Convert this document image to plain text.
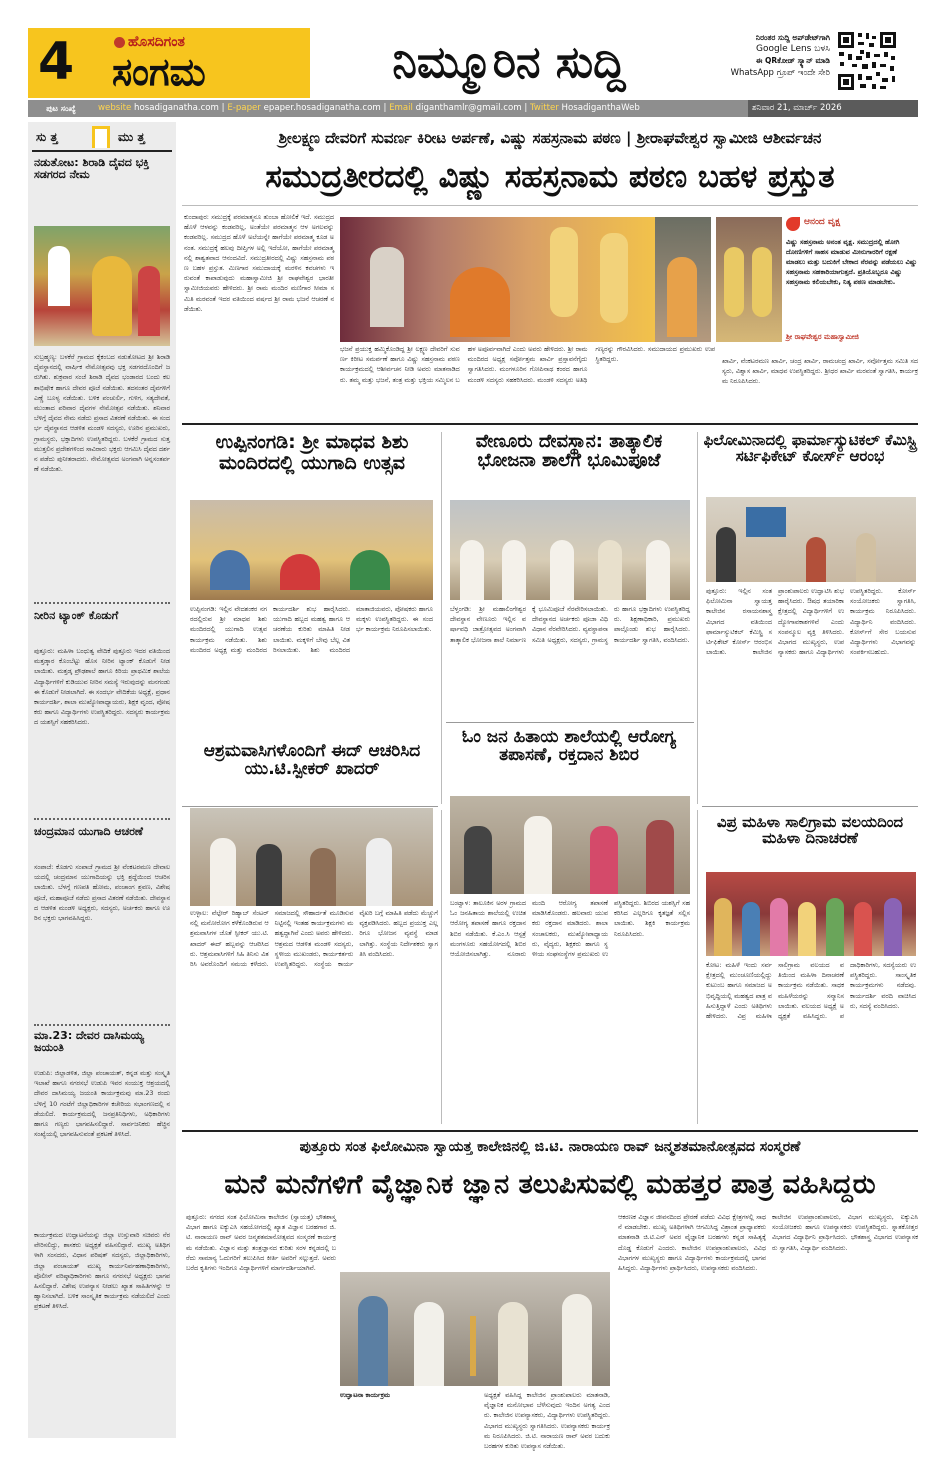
4	ಹೊಸದಿಗಂತ
ಸಂಗಮ	ನಿಮ್ಮೂರಿನ ಸುದ್ದಿ	ನಿರಂತರ ಸುದ್ದಿ ಅಪ್‌ಡೇಟ್‌ಗಾಗಿ
Google Lens ಬಳಸಿ
ಈ QRಕೋಡ್ ಸ್ಕ್ಯಾನ್ ಮಾಡಿ
WhatsApp ಗ್ರೂಪ್ ಇಂದೇ ಸೇರಿ
ಪುಟ ಸಂಖ್ಯೆ	website hosadiganatha.com | E-paper epaper.hosadiganatha.com | Email diganthamlr@gmail.com | Twitter HosadiganthaWeb	ಶನಿವಾರ 21, ಮಾರ್ಚ್ 2026
ಸು ತ್ತ	ಮು ತ್ತ
ನಡುತೋಟ: ಶಿರಾಡಿ ದೈವದ ಭಕ್ತಿ ಸಡಗರದ ನೇಮ
ಸುಬ್ರಹ್ಮಣ್ಯ: ಬಳಕೆರೆ ಗ್ರಾಮದ ಕೈಕಂಬದ ನಡುತೋಟದ ಶ್ರೀ ಶಿರಾಡಿ ದೈವಸ್ಥಾನದಲ್ಲಿ ವಾರ್ಷಿಕ ನೇಮೋತ್ಸವವು ಭಕ್ತ ಸಡಗರದೊಂದಿಗೆ ಜರುಗಿತು. ಶುಕ್ರವಾರ ಸಂಜೆ ಶಿರಾಡಿ ದೈವದ ಭಂಡಾರದ ಬಂದು ಕಲಶಾಭಿಷೇಕ ಹಾಗೂ ದೇವರ ಪೂಜೆ ನಡೆಯಿತು. ತದನಂತರ ದೈವಗಳಿಗೆ ಎಣ್ಣೆ ಬೂಳ್ಯ ನಡೆಯಿತು. ಬಳಿಕ ಪಂಚುರ್ಲಿ, ಗುಳಿಗ, ಸತ್ಯದೇವತೆ, ಮುಂತಾದ ಪರಿವಾರ ದೈವಗಳ ನೇಮೋತ್ಸವ ನಡೆಯಿತು. ಶನಿವಾರ ಬೆಳಿಗ್ಗೆ ದೈವದ ನೇಮ ನಡೆದು ಪ್ರಸಾದ ವಿತರಣೆ ನಡೆಯಿತು. ಈ ಸಂದರ್ಭ ದೈವಸ್ಥಾನದ ಆಡಳಿತ ಮಂಡಳಿ ಸದಸ್ಯರು, ಊರಿನ ಪ್ರಮುಖರು, ಗ್ರಾಮಸ್ಥರು, ಭಕ್ತಾದಿಗಳು ಉಪಸ್ಥಿತರಿದ್ದರು. ಬಳಕೆರೆ ಗ್ರಾಮದ ಸುತ್ತಮುತ್ತಲಿನ ಪ್ರದೇಶಗಳಿಂದ ಸಾವಿರಾರು ಭಕ್ತರು ಆಗಮಿಸಿ ದೈವದ ದರ್ಶನ ಪಡೆದು ಪುನೀತರಾದರು. ನೇಮೋತ್ಸವದ ಅಂಗವಾಗಿ ಅನ್ನಸಂತರ್ಪಣೆ ನಡೆಯಿತು.
ನೀರಿನ ಟ್ಯಾಂಕ್ ಕೊಡುಗೆ
ಪುತ್ತೂರು: ಮಹಿಳಾ ಬಂಧುತ್ವ ವೇದಿಕೆ ಪುತ್ತೂರು ಇದರ ವತಿಯಿಂದ ಮತ್ತಡ್ಕಾರ ಕೊಂಬೆಟ್ಟು ಹೊಸ ನೀರಿನ ಟ್ಯಾಂಕ್ ಕೊಡುಗೆ ನೀಡಲಾಯಿತು. ಮತ್ತಡ್ಕ ಪ್ರೌಢಶಾಲೆ ಹಾಗೂ ಕಿರಿಯ ಪ್ರಾಥಮಿಕ ಶಾಲೆಯ ವಿದ್ಯಾರ್ಥಿಗಳಿಗೆ ಕುಡಿಯುವ ನೀರಿನ ಸಮಸ್ಯೆ ಇರುವುದನ್ನು ಮನಗಂಡು ಈ ಕೊಡುಗೆ ನೀಡಲಾಗಿದೆ. ಈ ಸಂದರ್ಭ ವೇದಿಕೆಯ ಅಧ್ಯಕ್ಷೆ, ಪ್ರಧಾನ ಕಾರ್ಯದರ್ಶಿ, ಶಾಲಾ ಮುಖ್ಯೋಪಾಧ್ಯಾಯರು, ಶಿಕ್ಷಕ ವೃಂದ, ಪೋಷಕರು ಹಾಗೂ ವಿದ್ಯಾರ್ಥಿಗಳು ಉಪಸ್ಥಿತರಿದ್ದರು. ಸದಸ್ಯರು ಕಾರ್ಯಕ್ರಮದ ಯಶಸ್ಸಿಗೆ ಸಹಕರಿಸಿದರು.
ಚಂದ್ರಮಾನ ಯುಗಾದಿ ಆಚರಣೆ
ಸಂಪಾಜೆ: ಕೊಡಗು ಸಂಪಾಜೆ ಗ್ರಾಮದ ಶ್ರೀ ವೆಂಕಟರಮಣ ದೇವಾಲಯದಲ್ಲಿ ಚಂದ್ರಮಾನ ಯುಗಾದಿಯನ್ನು ಭಕ್ತಿ ಶ್ರದ್ಧೆಯಿಂದ ಆಚರಿಸಲಾಯಿತು. ಬೆಳಗ್ಗೆ ಗಣಪತಿ ಹೋಮ, ಪಂಚಾಂಗ ಶ್ರವಣ, ವಿಶೇಷ ಪೂಜೆ, ಮಹಾಪೂಜೆ ನಡೆದು ಪ್ರಸಾದ ವಿತರಣೆ ನಡೆಯಿತು. ದೇವಸ್ಥಾನದ ಆಡಳಿತ ಮಂಡಳಿ ಅಧ್ಯಕ್ಷರು, ಸದಸ್ಯರು, ಅರ್ಚಕರು ಹಾಗೂ ಊರಿನ ಭಕ್ತರು ಭಾಗವಹಿಸಿದ್ದರು.
ಮಾ.23: ದೇವರ ದಾಸಿಮಯ್ಯ ಜಯಂತಿ
ಉಡುಪಿ: ಜಿಲ್ಲಾಡಳಿತ, ಜಿಲ್ಲಾ ಪಂಚಾಯತ್, ಕನ್ನಡ ಮತ್ತು ಸಂಸ್ಕೃತಿ ಇಲಾಖೆ ಹಾಗೂ ನಗರಸಭೆ ಉಡುಪಿ ಇವರ ಸಂಯುಕ್ತ ಆಶ್ರಯದಲ್ಲಿ ದೇವರ ದಾಸಿಮಯ್ಯ ಜಯಂತಿ ಕಾರ್ಯಕ್ರಮವು ಮಾ.23 ರಂದು ಬೆಳಿಗ್ಗೆ 10 ಗಂಟೆಗೆ ಜಿಲ್ಲಾಧಿಕಾರಿಗಳ ಕಚೇರಿಯ ಸಭಾಂಗಣದಲ್ಲಿ ನಡೆಯಲಿದೆ. ಕಾರ್ಯಕ್ರಮದಲ್ಲಿ ಜನಪ್ರತಿನಿಧಿಗಳು, ಅಧಿಕಾರಿಗಳು ಹಾಗೂ ಗಣ್ಯರು ಭಾಗವಹಿಸಲಿದ್ದಾರೆ. ಸಾರ್ವಜನಿಕರು ಹೆಚ್ಚಿನ ಸಂಖ್ಯೆಯಲ್ಲಿ ಭಾಗವಹಿಸುವಂತೆ ಪ್ರಕಟಣೆ ತಿಳಿಸಿದೆ.
ಕಾರ್ಯಕ್ರಮದ ಉದ್ಘಾಟನೆಯನ್ನು ಜಿಲ್ಲಾ ಉಸ್ತುವಾರಿ ಸಚಿವರು ನೆರವೇರಿಸಲಿದ್ದು, ಶಾಸಕರು ಅಧ್ಯಕ್ಷತೆ ವಹಿಸಲಿದ್ದಾರೆ. ಮುಖ್ಯ ಅತಿಥಿಗಳಾಗಿ ಸಂಸದರು, ವಿಧಾನ ಪರಿಷತ್ ಸದಸ್ಯರು, ಜಿಲ್ಲಾಧಿಕಾರಿಗಳು, ಜಿಲ್ಲಾ ಪಂಚಾಯತ್ ಮುಖ್ಯ ಕಾರ್ಯನಿರ್ವಹಣಾಧಿಕಾರಿಗಳು, ಪೊಲೀಸ್ ವರಿಷ್ಠಾಧಿಕಾರಿಗಳು ಹಾಗೂ ನಗರಸಭೆ ಅಧ್ಯಕ್ಷರು ಭಾಗವಹಿಸಲಿದ್ದಾರೆ. ವಿಶೇಷ ಉಪನ್ಯಾಸ ನೀಡಲು ಖ್ಯಾತ ಸಾಹಿತಿಗಳನ್ನು ಆಹ್ವಾನಿಸಲಾಗಿದೆ. ಬಳಿಕ ಸಾಂಸ್ಕೃತಿಕ ಕಾರ್ಯಕ್ರಮ ನಡೆಯಲಿದೆ ಎಂದು ಪ್ರಕಟಣೆ ತಿಳಿಸಿದೆ.
ಶ್ರೀಲಕ್ಷ್ಮಣ ದೇವರಿಗೆ ಸುವರ್ಣ ಕಿರೀಟ ಅರ್ಪಣೆ, ವಿಷ್ಣು ಸಹಸ್ರನಾಮ ಪಠಣ | ಶ್ರೀರಾಘವೇಶ್ವರ ಸ್ವಾಮೀಜಿ ಆಶೀರ್ವಚನ
ಸಮುದ್ರತೀರದಲ್ಲಿ ವಿಷ್ಣು ಸಹಸ್ರನಾಮ ಪಠಣ ಬಹಳ ಪ್ರಸ್ತುತ
ಕುಂದಾಪುರ: ಸಮುದ್ರಕ್ಕೆ ಪರಮಾತ್ಮನೂ ತುಂಬಾ ಹೋಲಿಕೆ ಇದೆ. ಸಮುದ್ರದ ಹೊಳೆ ಆಳವನ್ನು ಕಂಡವರಿಲ್ಲ, ಅಂತೆಯೇ ಪರಮಾತ್ಮನ ಆಳ ಅಗಲವನ್ನು ಕಂಡವರಿಲ್ಲ. ಸಮುದ್ರದ ಹೊಳೆ ಅಲೆಯನ್ನೇ ಹಾಗೆಯೇ ಪರಮಾತ್ಮ ಕೂಡ ಅನಂತ. ಸಮುದ್ರಕ್ಕೆ ಹಲವು ದೀಪ್ತಿಗಳ ಅಲ್ಲಿ ಇದೆಯೋ, ಹಾಗೆಯೇ ಪರಮಾತ್ಮನಲ್ಲಿ ಶಾಶ್ವತವಾದ ಆನಂದವಿದೆ. ಸಮುದ್ರತೀರದಲ್ಲಿ ವಿಷ್ಣು ಸಹಸ್ರನಾಮ ಪಠಣ ಬಹಳ ಪ್ರಸ್ತುತ. ಮಿಣಗಾರ ಸಮುದಾಯಕ್ಕೆ ಮರಳಿನ ಕವಚಗಳು ಇರುವಂತೆ ಕಾಪಾಡುವುದು ಮಹಾಸ್ವಾಮೀಜಿ ಶ್ರೀ ರಾಘವೇಶ್ವರ ಭಾರತೀ ಸ್ವಾಮೀಜಿಯವರು ಹೇಳಿದರು. ಶ್ರೀ ರಾಮ ಮಂದಿರ ಮಣಿಗಾರ ಸೀಮಾ ಸಮಿತಿ ಮರವಂತೆ ಇದರ ವತಿಯಿಂದ ವರ್ಷದ ಶ್ರೀ ರಾಮ ಭಜನೆ ಆಚರಣೆ ನಡೆಯಿತು.
ಭಜನೆ ಪ್ರಯುಕ್ತ ಹಮ್ಮಿಕೊಂಡಿದ್ದ ಶ್ರೀ ಲಕ್ಷ್ಮಣ ದೇವರಿಗೆ ಸುವರ್ಣ ಕಿರೀಟ ಸಮರ್ಪಣೆ ಹಾಗೂ ವಿಷ್ಣು ಸಹಸ್ರನಾಮ ಪಠಣ ಕಾರ್ಯಕ್ರಮದಲ್ಲಿ ಆಶೀರ್ವಚನ ನೀಡಿ ಅವರು ಮಾತನಾಡಿದರು. ತಮ್ಮ ಮತ್ತು ಭಜನೆ, ತಂತ್ರ ಮತ್ತು ಭಕ್ತಿಯ ಸಮ್ಮಿಲನ ಬಹಳ ಅಪೂರ್ವವಾಗಿದೆ ಎಂದು ಅವರು ಹೇಳಿದರು. ಶ್ರೀ ರಾಮ ಮಂದಿರದ ಅಧ್ಯಕ್ಷ ಸರ್ವೋತ್ತಮ ಖಾರ್ವಿ ಪ್ರಸ್ತಾವನೆಗೈದು ಸ್ವಾಗತಿಸಿದರು. ಮಂಗಳೂರಿನ ಗೋಪಿನಾಥ ಕಂಠದ ಹಾಗೂ ಮಂಡಳಿ ಸದಸ್ಯರು ಸಹಕರಿಸಿದರು. ಮಂಡಳಿ ಸದಸ್ಯರು ಅತಿಥಿ ಗಣ್ಯರನ್ನು ಗೌರವಿಸಿದರು. ಸಮುದಾಯದ ಪ್ರಮುಖರು ಉಪಸ್ಥಿತರಿದ್ದರು.
ಆನಂದ ವೃಕ್ಷ
ವಿಷ್ಣು ಸಹಸ್ರನಾಮ ಅನಂತ ವೃಕ್ಷ. ಸಮುದ್ರದಲ್ಲಿ ಹೋಗಿ ದೋಣಿಗಳಿಗೆ ಸಾಹಸ ಮಾಡುವ ಮೀನುಗಾರರಿಗೆ ರಕ್ಷಣೆ ಮಾಡಲು ಮತ್ತು ಬದುಕಿಗೆ ಬೇಕಾದ ನೆರವನ್ನು ಪಡೆಯಲು ವಿಷ್ಣು ಸಹಸ್ರನಾಮ ಸಹಕಾರಿಯಾಗುತ್ತದೆ. ಪ್ರತಿಯೊಬ್ಬರೂ ವಿಷ್ಣು ಸಹಸ್ರನಾಮ ಕಲಿಯಬೇಕು, ನಿತ್ಯ ಪಠಣ ಮಾಡಬೇಕು.
ಶ್ರೀ ರಾಘವೇಶ್ವರ ಮಹಾಸ್ವಾಮೀಜಿ
ಖಾರ್ವಿ, ವೆಂಕಟರಮಣ ಖಾರ್ವಿ, ಚಂದ್ರ ಖಾರ್ವಿ, ರಾಮಚಂದ್ರ ಖಾರ್ವಿ, ಸರ್ವೋತ್ತಮ ಸಮಿತಿ ಸದಸ್ಯರು, ವಿಶ್ವಾಸ ಖಾರ್ವಿ, ಮಾಧವ ಉಪಸ್ಥಿತರಿದ್ದರು. ಶ್ರೀಧರ ಖಾರ್ವಿ ಮರವಂತೆ ಸ್ವಾಗತಿಸಿ, ಕಾರ್ಯಕ್ರಮ ನಿರೂಪಿಸಿದರು.
ಉಪ್ಪಿನಂಗಡಿ: ಶ್ರೀ ಮಾಧವ ಶಿಶು ಮಂದಿರದಲ್ಲಿ ಯುಗಾದಿ ಉತ್ಸವ
ಉಪ್ಪಿನಂಗಡಿ: ಇಲ್ಲಿನ ವೇದಶಂಕರ ನಗರದಲ್ಲಿರುವ ಶ್ರೀ ಮಾಧವ ಶಿಶು ಮಂದಿರದಲ್ಲಿ ಯುಗಾದಿ ಉತ್ಸವ ಕಾರ್ಯಕ್ರಮ ನಡೆಯಿತು. ಶಿಶು ಮಂದಿರದ ಅಧ್ಯಕ್ಷ ಮತ್ತು ಮಂದಿರದ ಕಾರ್ಯದರ್ಶಿ ಶುಭ ಹಾರೈಸಿದರು. ಯುಗಾದಿ ಹಬ್ಬದ ಮಹತ್ವ ಹಾಗೂ ಆಚರಣೆಯ ಕುರಿತು ಮಾಹಿತಿ ನೀಡಲಾಯಿತು. ಮಕ್ಕಳಿಗೆ ಬೇವು ಬೆಲ್ಲ ವಿತರಿಸಲಾಯಿತು. ಶಿಶು ಮಂದಿರದ ಮಾತಾಜಿಯವರು, ಪೋಷಕರು ಹಾಗೂ ಮಕ್ಕಳು ಉಪಸ್ಥಿತರಿದ್ದರು. ಈ ಸಂದರ್ಭ ಕಾರ್ಯಕ್ರಮ ನಿರೂಪಿಸಲಾಯಿತು.
ವೇಣೂರು ದೇವಸ್ಥಾನ: ತಾತ್ಕಾಲಿಕ ಭೋಜನಾ ಶಾಲೆಗೆ ಭೂಮಿಪೂಜೆ
ಬೆಳ್ತಂಗಡಿ: ಶ್ರೀ ಮಹಾಲಿಂಗೇಶ್ವರ ದೇವಸ್ಥಾನ ವೇಣೂರು ಇಲ್ಲಿನ ವರ್ಷಾವಧಿ ಜಾತ್ರೋತ್ಸವದ ಅಂಗವಾಗಿ ತಾತ್ಕಾಲಿಕ ಭೋಜನಾ ಶಾಲೆ ನಿರ್ಮಾಣಕ್ಕೆ ಭೂಮಿಪೂಜೆ ನೆರವೇರಿಸಲಾಯಿತು. ದೇವಸ್ಥಾನದ ಅರ್ಚಕರು ಪೂಜಾ ವಿಧಿ ವಿಧಾನ ನೆರವೇರಿಸಿದರು. ವ್ಯವಸ್ಥಾಪನಾ ಸಮಿತಿ ಅಧ್ಯಕ್ಷರು, ಸದಸ್ಯರು, ಗ್ರಾಮಸ್ಥರು ಹಾಗೂ ಭಕ್ತಾದಿಗಳು ಉಪಸ್ಥಿತರಿದ್ದರು. ಶಿಕ್ಷಣಾಧಿಕಾರಿ, ಪ್ರಮುಖರು ಪಾಲ್ಗೊಂಡು ಶುಭ ಹಾರೈಸಿದರು. ಕಾರ್ಯದರ್ಶಿ ಸ್ವಾಗತಿಸಿ, ವಂದಿಸಿದರು.
ಫಿಲೋಮಿನಾದಲ್ಲಿ ಫಾರ್ಮಾಸ್ಯುಟಿಕಲ್ ಕೆಮಿಸ್ಟ್ರಿ ಸರ್ಟಿಫಿಕೇಟ್ ಕೋರ್ಸ್ ಆರಂಭ
ಪುತ್ತೂರು: ಇಲ್ಲಿನ ಸಂತ ಫಿಲೋಮಿನಾ ಸ್ವಾಯತ್ತ ಕಾಲೇಜಿನ ರಸಾಯನಶಾಸ್ತ್ರ ವಿಭಾಗದ ವತಿಯಿಂದ ಫಾರ್ಮಾಸ್ಯುಟಿಕಲ್ ಕೆಮಿಸ್ಟ್ರಿ ಸರ್ಟಿಫಿಕೇಟ್ ಕೋರ್ಸ್ ಆರಂಭಿಸಲಾಯಿತು. ಕಾಲೇಜಿನ ಪ್ರಾಂಶುಪಾಲರು ಉದ್ಘಾಟಿಸಿ ಶುಭ ಹಾರೈಸಿದರು. ಔಷಧ ತಯಾರಿಕಾ ಕ್ಷೇತ್ರದಲ್ಲಿ ವಿದ್ಯಾರ್ಥಿಗಳಿಗೆ ಉದ್ಯೋಗಾವಕಾಶಗಳಿವೆ ಎಂದು ಸಂಪನ್ಮೂಲ ವ್ಯಕ್ತಿ ತಿಳಿಸಿದರು. ವಿಭಾಗದ ಮುಖ್ಯಸ್ಥರು, ಉಪನ್ಯಾಸಕರು ಹಾಗೂ ವಿದ್ಯಾರ್ಥಿಗಳು ಉಪಸ್ಥಿತರಿದ್ದರು. ಕೋರ್ಸ್ ಸಂಯೋಜಕರು ಸ್ವಾಗತಿಸಿ, ಕಾರ್ಯಕ್ರಮ ನಿರೂಪಿಸಿದರು. ವಿದ್ಯಾರ್ಥಿನಿ ವಂದಿಸಿದರು. ಕೋರ್ಸ್‌ಗೆ ಸೇರ ಬಯಸುವ ವಿದ್ಯಾರ್ಥಿಗಳು ವಿಭಾಗವನ್ನು ಸಂಪರ್ಕಿಸಬಹುದು.
ಆಶ್ರಮವಾಸಿಗಳೊಂದಿಗೆ ಈದ್ ಆಚರಿಸಿದ ಯು.ಟಿ.ಸ್ಪೀಕರ್ ಖಾದರ್
ಉಳ್ಳಾಲ: ವೆಲ್ಫೇರ್ ರಿಹ್ಯಾಬ್ ಸೆಂಟರ್ ನಲ್ಲಿ ಮನೋರೋಗ ಕಳೆಕೊಂಡಿರುವ ಆಶ್ರಮವಾಸಿಗಳ ಜೊತೆ ಸ್ಪೀಕರ್ ಯು.ಟಿ. ಖಾದರ್ ಈದ್ ಹಬ್ಬವನ್ನು ಆಚರಿಸಿದರು. ಆಶ್ರಮವಾಸಿಗಳಿಗೆ ಸಿಹಿ ತಿನಿಸು ವಿತರಿಸಿ ಅವರೊಂದಿಗೆ ಸಮಯ ಕಳೆದರು. ಸಮಾಜದಲ್ಲಿ ಸೌಹಾರ್ದತೆ ಮೂಡಿಸುವ ನಿಟ್ಟಿನಲ್ಲಿ ಇಂತಹ ಕಾರ್ಯಕ್ರಮಗಳು ಮಹತ್ವದ್ದಾಗಿವೆ ಎಂದು ಅವರು ಹೇಳಿದರು. ಆಶ್ರಮದ ಆಡಳಿತ ಮಂಡಳಿ ಸದಸ್ಯರು, ಸ್ಥಳೀಯ ಮುಖಂಡರು, ಕಾರ್ಯಕರ್ತರು ಉಪಸ್ಥಿತರಿದ್ದರು. ಸಂಸ್ಥೆಯ ಕಾರ್ಯವೈಖರಿ ಬಗ್ಗೆ ಮಾಹಿತಿ ಪಡೆದು ಮೆಚ್ಚುಗೆ ವ್ಯಕ್ತಪಡಿಸಿದರು. ಹಬ್ಬದ ಪ್ರಯುಕ್ತ ಎಲ್ಲರಿಗೂ ಭೋಜನ ವ್ಯವಸ್ಥೆ ಮಾಡಲಾಗಿತ್ತು. ಸಂಸ್ಥೆಯ ನಿರ್ದೇಶಕರು ಸ್ವಾಗತಿಸಿ ವಂದಿಸಿದರು.
ಓಂ ಜನ ಹಿತಾಯ ಶಾಲೆಯಲ್ಲಿ ಆರೋಗ್ಯ ತಪಾಸಣೆ, ರಕ್ತದಾನ ಶಿಬಿರ
ಬಂಟ್ವಾಳ: ತಾಲೂಕಿನ ಅರಳ ಗ್ರಾಮದ ಓಂ ಜನಹಿತಾಯ ಶಾಲೆಯಲ್ಲಿ ಉಚಿತ ಆರೋಗ್ಯ ತಪಾಸಣೆ ಹಾಗೂ ರಕ್ತದಾನ ಶಿಬಿರ ನಡೆಯಿತು. ಕೆ.ಎಂ.ಸಿ ಆಸ್ಪತ್ರೆ ಮಂಗಳೂರು ಸಹಯೋಗದಲ್ಲಿ ಶಿಬಿರ ಆಯೋಜಿಸಲಾಗಿತ್ತು. ನೂರಾರು ಮಂದಿ ಆರೋಗ್ಯ ತಪಾಸಣೆ ಮಾಡಿಸಿಕೊಂಡರು. ಹಲವಾರು ಯುವಕರು ರಕ್ತದಾನ ಮಾಡಿದರು. ಶಾಲಾ ಸಂಚಾಲಕರು, ಮುಖ್ಯೋಪಾಧ್ಯಾಯರು, ವೈದ್ಯರು, ಶಿಕ್ಷಕರು ಹಾಗೂ ಸ್ಥಳೀಯ ಸಂಘಸಂಸ್ಥೆಗಳ ಪ್ರಮುಖರು ಉಪಸ್ಥಿತರಿದ್ದರು. ಶಿಬಿರದ ಯಶಸ್ಸಿಗೆ ಸಹಕರಿಸಿದ ಎಲ್ಲರಿಗೂ ಕೃತಜ್ಞತೆ ಸಲ್ಲಿಸಲಾಯಿತು. ಶಿಕ್ಷಕಿ ಕಾರ್ಯಕ್ರಮ ನಿರೂಪಿಸಿದರು.
ವಿಪ್ರ ಮಹಿಳಾ ಸಾಲಿಗ್ರಾಮ ವಲಯದಿಂದ ಮಹಿಳಾ ದಿನಾಚರಣೆ
ಕೋಟ: ಮಹಿಳೆ ಇಂದು ಸರ್ವಕ್ಷೇತ್ರದಲ್ಲಿ ಮುಂಚೂಣಿಯಲ್ಲಿದ್ದು ಕುಟುಂಬ ಹಾಗೂ ಸಮಾಜದ ಅಭಿವೃದ್ಧಿಯಲ್ಲಿ ಮಹತ್ವದ ಪಾತ್ರ ವಹಿಸುತ್ತಿದ್ದಾಳೆ ಎಂದು ಅತಿಥಿಗಳು ಹೇಳಿದರು. ವಿಪ್ರ ಮಹಿಳಾ ಸಾಲಿಗ್ರಾಮ ವಲಯದ ವತಿಯಿಂದ ಮಹಿಳಾ ದಿನಾಚರಣೆ ಕಾರ್ಯಕ್ರಮ ನಡೆಯಿತು. ಸಾಧಕ ಮಹಿಳೆಯರನ್ನು ಸನ್ಮಾನಿಸಲಾಯಿತು. ವಲಯದ ಅಧ್ಯಕ್ಷೆ ಅಧ್ಯಕ್ಷತೆ ವಹಿಸಿದ್ದರು. ಪದಾಧಿಕಾರಿಗಳು, ಸದಸ್ಯೆಯರು ಉಪಸ್ಥಿತರಿದ್ದರು. ಸಾಂಸ್ಕೃತಿಕ ಕಾರ್ಯಕ್ರಮಗಳು ನಡೆದವು. ಕಾರ್ಯದರ್ಶಿ ವರದಿ ವಾಚಿಸಿದರು, ಸದಸ್ಯೆ ವಂದಿಸಿದರು.
ಪುತ್ತೂರು ಸಂತ ಫಿಲೋಮಿನಾ ಸ್ವಾಯತ್ತ ಕಾಲೇಜಿನಲ್ಲಿ ಜಿ.ಟಿ. ನಾರಾಯಣ ರಾವ್ ಜನ್ಮಶತಮಾನೋತ್ಸವದ ಸಂಸ್ಮರಣೆ
ಮನೆ ಮನೆಗಳಿಗೆ ವೈಜ್ಞಾನಿಕ ಜ್ಞಾನ ತಲುಪಿಸುವಲ್ಲಿ ಮಹತ್ತರ ಪಾತ್ರ ವಹಿಸಿದ್ದರು
ಪುತ್ತೂರು: ನಗರದ ಸಂತ ಫಿಲೋಮಿನಾ ಕಾಲೇಜಿನ (ಸ್ವಾಯತ್ತ) ಭೌತಶಾಸ್ತ್ರ ವಿಭಾಗ ಹಾಗೂ ಐಕ್ಯುಎಸಿ ಸಹಯೋಗದಲ್ಲಿ ಖ್ಯಾತ ವಿಜ್ಞಾನ ಬರಹಗಾರ ಜಿ.ಟಿ. ನಾರಾಯಣ ರಾವ್ ಅವರ ಜನ್ಮಶತಮಾನೋತ್ಸವದ ಸಂಸ್ಮರಣೆ ಕಾರ್ಯಕ್ರಮ ನಡೆಯಿತು. ವಿಜ್ಞಾನ ಮತ್ತು ತಂತ್ರಜ್ಞಾನದ ಕುರಿತು ಸರಳ ಕನ್ನಡದಲ್ಲಿ ಬರೆದು ಸಾಮಾನ್ಯ ಓದುಗರಿಗೆ ತಲುಪಿಸಿದ ಕೀರ್ತಿ ಅವರಿಗೆ ಸಲ್ಲುತ್ತದೆ. ಅವರು ಬರೆದ ಕೃತಿಗಳು ಇಂದಿಗೂ ವಿದ್ಯಾರ್ಥಿಗಳಿಗೆ ಮಾರ್ಗದರ್ಶಿಯಾಗಿವೆ.
ಉದ್ಘಾಟನಾ ಕಾರ್ಯಕ್ರಮ	ಅಧ್ಯಕ್ಷತೆ ವಹಿಸಿದ್ದ ಕಾಲೇಜಿನ ಪ್ರಾಂಶುಪಾಲರು ಮಾತನಾಡಿ, ವೈಜ್ಞಾನಿಕ ಮನೋಭಾವ ಬೆಳೆಸುವುದು ಇಂದಿನ ಅಗತ್ಯ ಎಂದರು. ಕಾಲೇಜಿನ ಉಪನ್ಯಾಸಕರು, ವಿದ್ಯಾರ್ಥಿಗಳು ಉಪಸ್ಥಿತರಿದ್ದರು. ವಿಭಾಗದ ಮುಖ್ಯಸ್ಥರು ಸ್ವಾಗತಿಸಿದರು. ಉಪನ್ಯಾಸಕರು ಕಾರ್ಯಕ್ರಮ ನಿರೂಪಿಸಿದರು. ಜಿ.ಟಿ. ನಾರಾಯಣ ರಾವ್ ಅವರ ಬದುಕು ಬರಹಗಳ ಕುರಿತು ಉಪನ್ಯಾಸ ನಡೆಯಿತು.
ಆಕರಣಕ ವಿಜ್ಞಾನ ಜೀವನದಿಂದ ಪ್ರೇರಣೆ ಪಡೆದು ವಿವಿಧ ಕ್ಷೇತ್ರಗಳಲ್ಲಿ ಸಾಧನೆ ಮಾಡಬೇಕು. ಮುಖ್ಯ ಅತಿಥಿಗಳಾಗಿ ಆಗಮಿಸಿದ್ದ ವಿಶ್ರಾಂತ ಪ್ರಾಧ್ಯಾಪಕರು ಮಾತನಾಡಿ ಜಿ.ಟಿ.ಎನ್ ಅವರ ವೈಜ್ಞಾನಿಕ ಬರಹಗಳು ಕನ್ನಡ ಸಾಹಿತ್ಯಕ್ಕೆ ದೊಡ್ಡ ಕೊಡುಗೆ ಎಂದರು. ಕಾಲೇಜಿನ ಉಪಪ್ರಾಂಶುಪಾಲರು, ವಿವಿಧ ವಿಭಾಗಗಳ ಮುಖ್ಯಸ್ಥರು ಹಾಗೂ ವಿದ್ಯಾರ್ಥಿಗಳು ಕಾರ್ಯಕ್ರಮದಲ್ಲಿ ಭಾಗವಹಿಸಿದ್ದರು. ವಿದ್ಯಾರ್ಥಿಗಳು ಪ್ರಾರ್ಥಿಸಿದರು, ಉಪನ್ಯಾಸಕರು ವಂದಿಸಿದರು.
ಕಾಲೇಜಿನ ಉಪಪ್ರಾಂಶುಪಾಲರು, ವಿಭಾಗ ಮುಖ್ಯಸ್ಥರು, ಐಕ್ಯುಎಸಿ ಸಂಯೋಜಕರು ಹಾಗೂ ಉಪನ್ಯಾಸಕರು ಉಪಸ್ಥಿತರಿದ್ದರು. ಸ್ನಾತಕೋತ್ತರ ವಿಭಾಗದ ವಿದ್ಯಾರ್ಥಿನಿ ಪ್ರಾರ್ಥಿಸಿದರು. ಭೌತಶಾಸ್ತ್ರ ವಿಭಾಗದ ಉಪನ್ಯಾಸಕರು ಸ್ವಾಗತಿಸಿ, ವಿದ್ಯಾರ್ಥಿ ವಂದಿಸಿದರು.
